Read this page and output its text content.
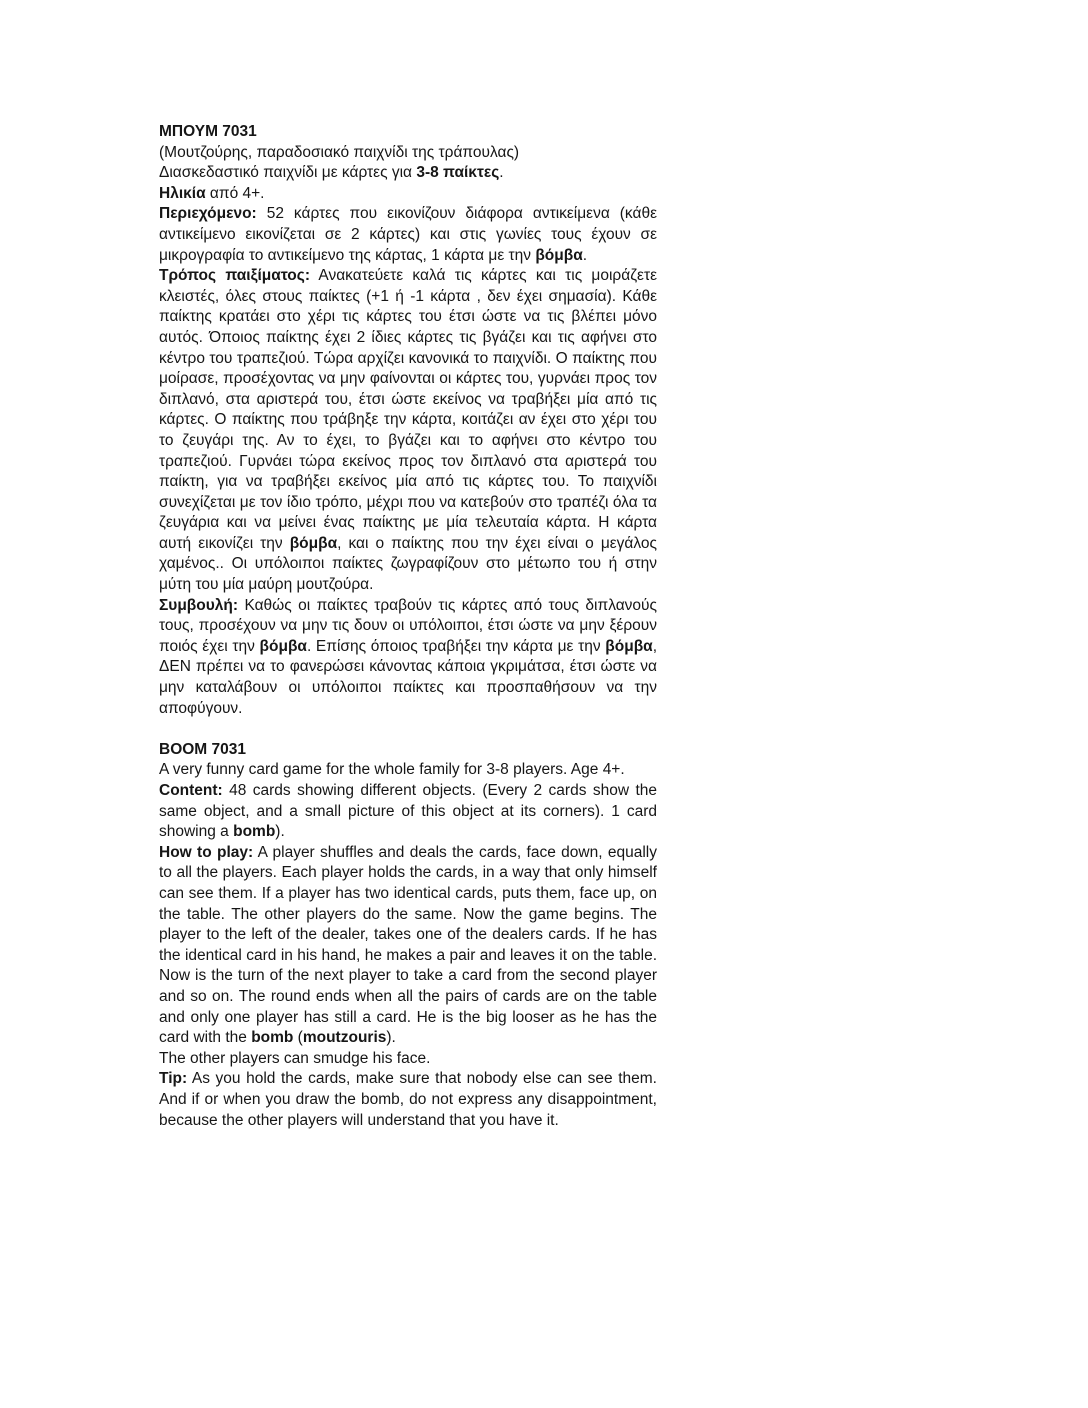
ΜΠΟΥΜ 7031

(Μουτζούρης, παραδοσιακό παιχνίδι της τράπουλας)

Διασκεδαστικό παιχνίδι με κάρτες για 3-8 παίκτες.

Ηλικία από 4+.

Περιεχόμενο: 52 κάρτες που εικονίζουν διάφορα αντικείμενα (κάθε αντικείμενο εικονίζεται σε 2 κάρτες) και στις γωνίες τους έχουν σε μικρογραφία το αντικείμενο της κάρτας, 1 κάρτα με την βόμβα.

Τρόπος παιξίματος: Ανακατεύετε καλά τις κάρτες και τις μοιράζετε κλειστές, όλες στους παίκτες (+1 ή -1 κάρτα , δεν έχει σημασία). Κάθε παίκτης κρατάει στο χέρι τις κάρτες του έτσι ώστε να τις βλέπει μόνο αυτός. Όποιος παίκτης έχει 2 ίδιες κάρτες τις βγάζει και τις αφήνει στο κέντρο του τραπεζιού. Τώρα αρχίζει κανονικά το παιχνίδι. Ο παίκτης που μοίρασε, προσέχοντας να μην φαίνονται οι κάρτες του, γυρνάει προς τον διπλανό, στα αριστερά του, έτσι ώστε εκείνος να τραβήξει μία από τις κάρτες. Ο παίκτης που τράβηξε την κάρτα, κοιτάζει αν έχει στο χέρι του το ζευγάρι της. Αν το έχει, το βγάζει και το αφήνει στο κέντρο του τραπεζιού. Γυρνάει τώρα εκείνος προς τον διπλανό στα αριστερά του παίκτη, για να τραβήξει εκείνος μία από τις κάρτες του. Το παιχνίδι συνεχίζεται με τον ίδιο τρόπο, μέχρι που να κατεβούν στο τραπέζι όλα τα ζευγάρια και να μείνει ένας παίκτης με μία τελευταία κάρτα. Η κάρτα αυτή εικονίζει την βόμβα, και ο παίκτης που την έχει είναι ο μεγάλος χαμένος.. Οι υπόλοιποι παίκτες ζωγραφίζουν στο μέτωπο του ή στην μύτη του μία μαύρη μουτζούρα.

Συμβουλή: Καθώς οι παίκτες τραβούν τις κάρτες από τους διπλανούς τους, προσέχουν να μην τις δουν οι υπόλοιποι, έτσι ώστε να μην ξέρουν ποιός έχει την βόμβα. Επίσης όποιος τραβήξει την κάρτα με την βόμβα, ΔΕΝ πρέπει να το φανερώσει κάνοντας κάποια γκριμάτσα, έτσι ώστε να μην καταλάβουν οι υπόλοιποι παίκτες και προσπαθήσουν να την αποφύγουν.

BOOM 7031

A very funny card game for the whole family for 3-8 players. Age 4+.

Content: 48 cards showing different objects. (Every 2 cards show the same object, and a small picture of this object at its corners). 1 card showing a bomb).

How to play: A player shuffles and deals the cards, face down, equally to all the players. Each player holds the cards, in a way that only himself can see them. If a player has two identical cards, puts them, face up, on the table. The other players do the same. Now the game begins. The player to the left of the dealer, takes one of the dealers cards. If he has the identical card in his hand, he makes a pair and leaves it on the table. Now is the turn of the next player to take a card from the second player and so on. The round ends when all the pairs of cards are on the table and only one player has still a card. He is the big looser as he has the card with the bomb (moutzouris).

The other players can smudge his face.

Tip: As you hold the cards, make sure that nobody else can see them. And if or when you draw the bomb, do not express any disappointment, because the other players will understand that you have it.
